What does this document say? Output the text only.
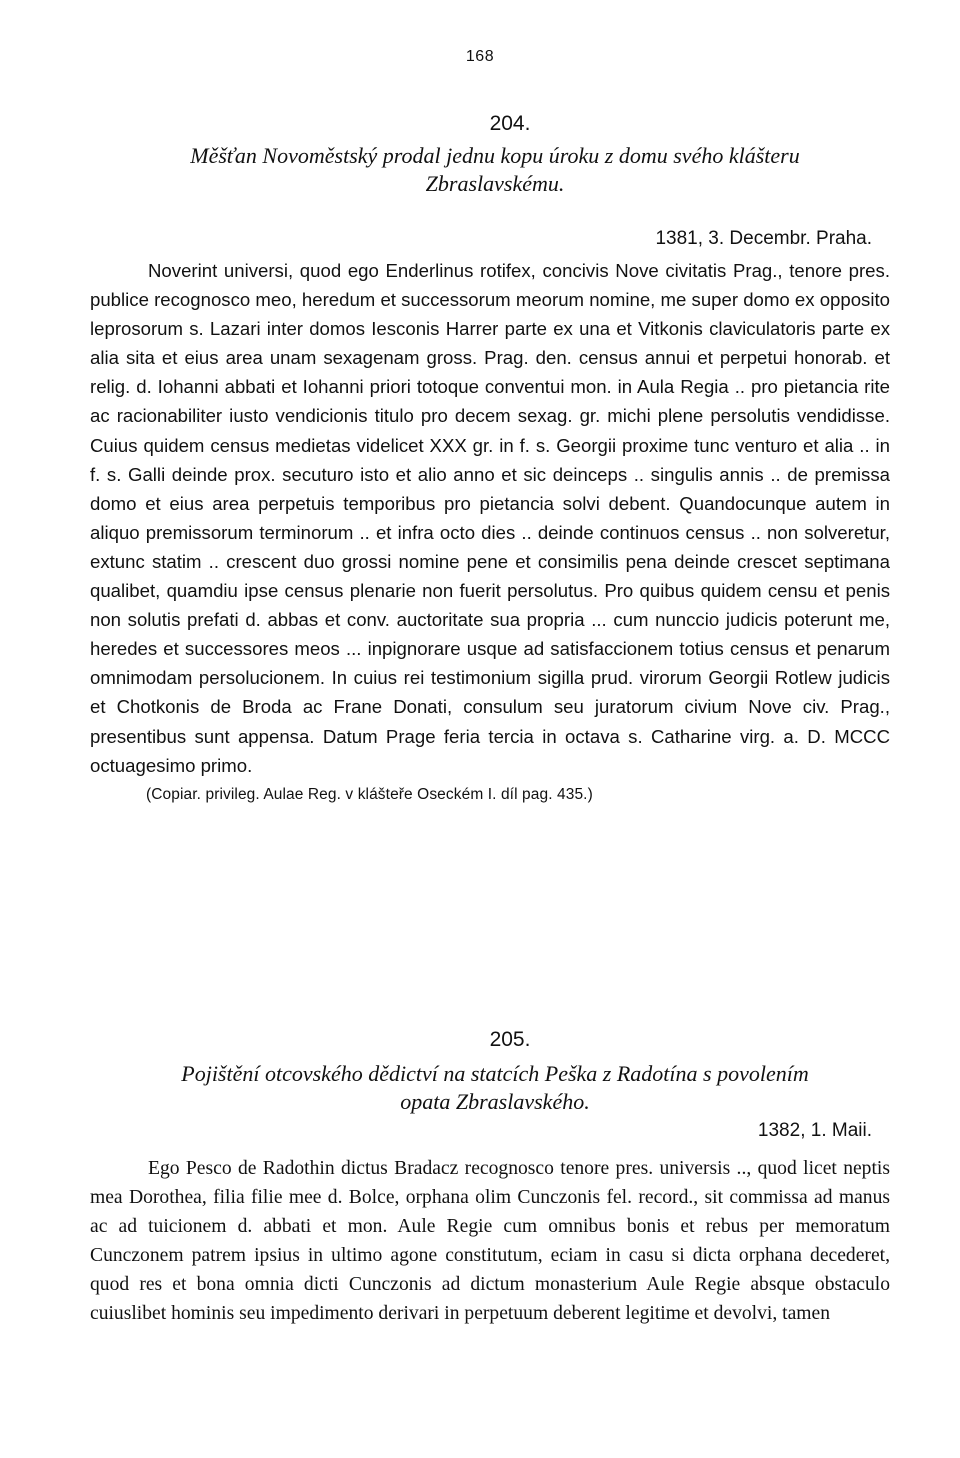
168

204.

Měšťan Novoměstský prodal jednu kopu úroku z domu svého klášteru
Zbraslavskému.

1381, 3. Decembr. Praha.

Noverint universi, quod ego Enderlinus rotifex, concivis Nove civitatis Prag., tenore pres. publice recognosco meo, heredum et successorum meorum nomine, me super domo ex opposito leprosorum s. Lazari inter domos Iesconis Harrer parte ex una et Vitkonis claviculatoris parte ex alia sita et eius area unam sexagenam gross. Prag. den. census annui et perpetui honorab. et relig. d. Iohanni abbati et Iohanni priori totoque conventui mon. in Aula Regia .. pro pietancia rite ac racionabiliter iusto vendicionis titulo pro decem sexag. gr. michi plene persolutis vendidisse. Cuius quidem census medietas videlicet XXX gr. in f. s. Georgii proxime tunc venturo et alia .. in f. s. Galli deinde prox. secuturo isto et alio anno et sic deinceps .. singulis annis .. de premissa domo et eius area perpetuis temporibus pro pietancia solvi debent. Quandocunque autem in aliquo premissorum terminorum .. et infra octo dies .. deinde continuos census .. non solveretur, extunc statim .. crescent duo grossi nomine pene et consimilis pena deinde crescet septimana qualibet, quamdiu ipse census plenarie non fuerit persolutus. Pro quibus quidem censu et penis non solutis prefati d. abbas et conv. auctoritate sua propria ... cum nunccio judicis poterunt me, heredes et successores meos ... inpignorare usque ad satisfaccionem totius census et penarum omnimodam persolucionem. In cuius rei testimonium sigilla prud. virorum Georgii Rotlew judicis et Chotkonis de Broda ac Frane Donati, consulum seu juratorum civium Nove civ. Prag., presentibus sunt appensa. Datum Prage feria tercia in octava s. Catharine virg. a. D. MCCC octuagesimo primo.

(Copiar. privileg. Aulae Reg. v klášteře Oseckém I. díl pag. 435.)

205.

Pojištění otcovského dědictví na statcích Peška z Radotína s povolením
opata Zbraslavského.

1382, 1. Maii.

Ego Pesco de Radothin dictus Bradacz recognosco tenore pres. universis .., quod licet neptis mea Dorothea, filia filie mee d. Bolce, orphana olim Cunczonis fel. record., sit commissa ad manus ac ad tuicionem d. abbati et mon. Aule Regie cum omnibus bonis et rebus per memoratum Cunczonem patrem ipsius in ultimo agone constitutum, eciam in casu si dicta orphana decederet, quod res et bona omnia dicti Cunczonis ad dictum monasterium Aule Regie absque obstaculo cuiuslibet hominis seu impedimento derivari in perpetuum deberent legitime et devolvi, tamen
